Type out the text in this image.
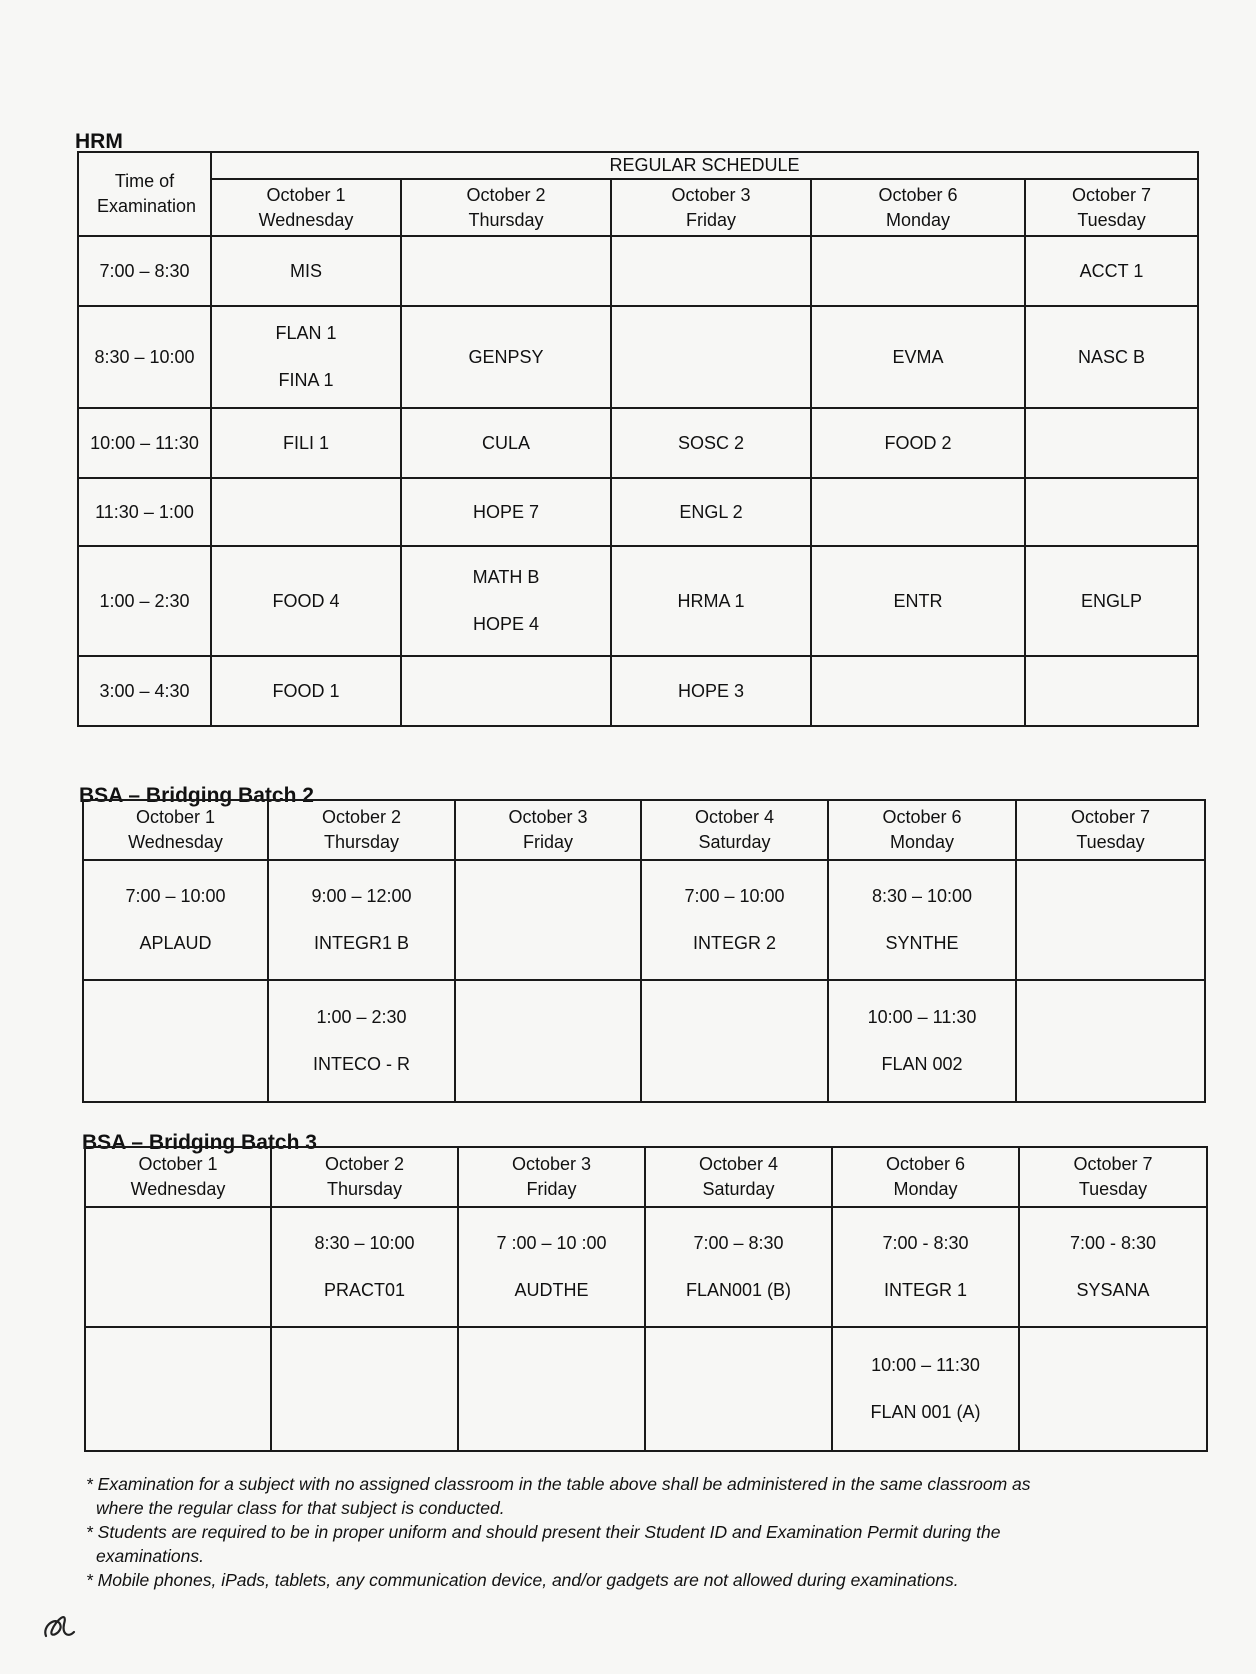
HRM
Time of Examination	REGULAR SCHEDULE				

	October 1
Wednesday	October 2
Thursday	October 3
Friday	October 6
Monday	October 7
Tuesday

7:00 – 8:30	MIS				ACCT 1

8:30 – 10:00	FLAN 1
FINA 1	GENPSY		EVMA	NASC B

10:00 – 11:30	FILI 1	CULA	SOSC 2	FOOD 2	

11:30 – 1:00		HOPE 7	ENGL 2		

1:00 – 2:30	FOOD 4	MATH B
HOPE 4	HRMA 1	ENTR	ENGLP

3:00 – 4:30	FOOD 1		HOPE 3		

BSA – Bridging Batch 2
October 1
Wednesday	October 2
Thursday	October 3
Friday	October 4
Saturday	October 6
Monday	October 7
Tuesday

7:00 – 10:00
APLAUD	9:00 – 12:00
INTEGR1 B		7:00 – 10:00
INTEGR 2	8:30 – 10:00
SYNTHE	

	1:00 – 2:30
INTECO - R			10:00 – 11:30
FLAN 002	

BSA – Bridging Batch 3
October 1
Wednesday	October 2
Thursday	October 3
Friday	October 4
Saturday	October 6
Monday	October 7
Tuesday

	8:30 – 10:00
PRACT01	7 :00 – 10 :00
AUDTHE	7:00 – 8:30
FLAN001 (B)	7:00 - 8:30
INTEGR 1	7:00 - 8:30
SYSANA

				10:00 – 11:30
FLAN 001 (A)	

* Examination for a subject with no assigned classroom in the table above shall be administered in the same classroom as where the regular class for that subject is conducted.

* Students are required to be in proper uniform and should present their Student ID and Examination Permit during the examinations.

* Mobile phones, iPads, tablets, any communication device, and/or gadgets are not allowed during examinations.
